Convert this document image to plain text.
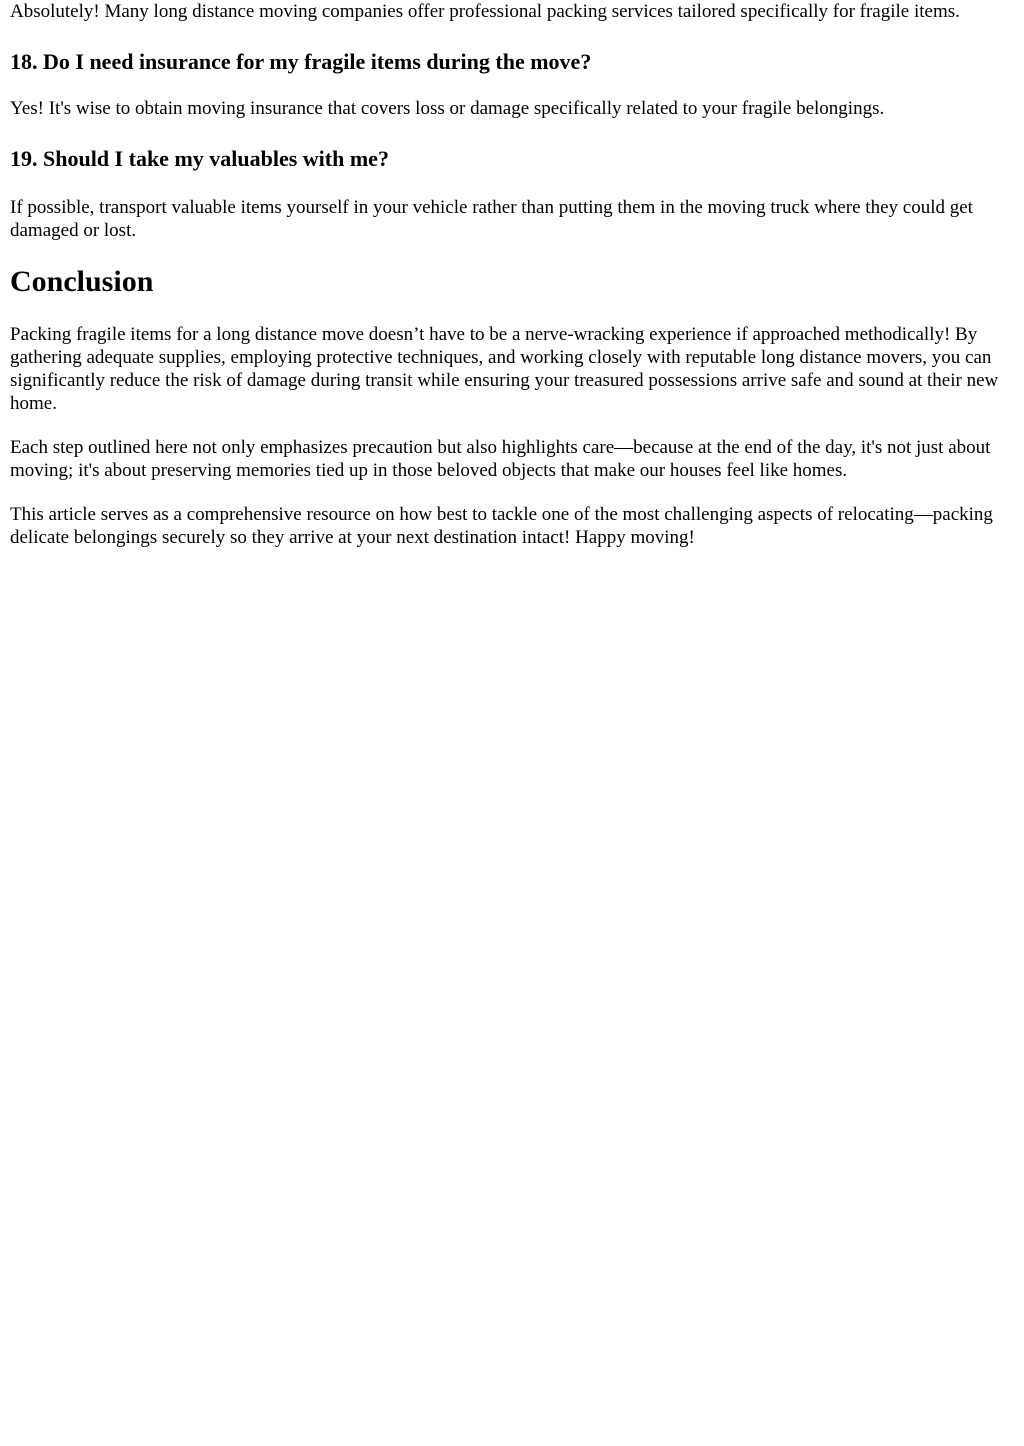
Absolutely! Many long distance moving companies offer professional packing services tailored specifically for fragile items.

18. Do I need insurance for my fragile items during the move?

Yes! It's wise to obtain moving insurance that covers loss or damage specifically related to your fragile belongings.

19. Should I take my valuables with me?

If possible, transport valuable items yourself in your vehicle rather than putting them in the moving truck where they could get damaged or lost.

Conclusion

Packing fragile items for a long distance move doesn’t have to be a nerve-wracking experience if approached methodically! By gathering adequate supplies, employing protective techniques, and working closely with reputable long distance movers, you can significantly reduce the risk of damage during transit while ensuring your treasured possessions arrive safe and sound at their new home.

Each step outlined here not only emphasizes precaution but also highlights care—because at the end of the day, it's not just about moving; it's about preserving memories tied up in those beloved objects that make our houses feel like homes.

This article serves as a comprehensive resource on how best to tackle one of the most challenging aspects of relocating—packing delicate belongings securely so they arrive at your next destination intact! Happy moving!
